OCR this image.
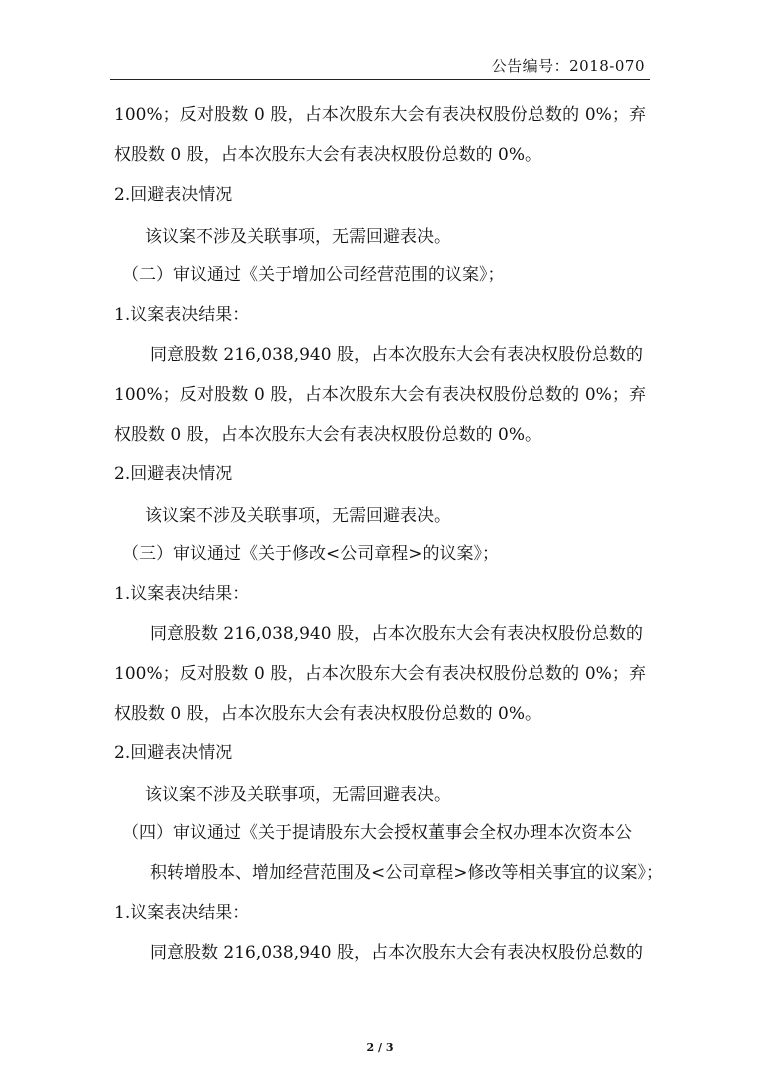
公告编号：2018-070
100%；反对股数 0 股，占本次股东大会有表决权股份总数的 0%；弃
权股数 0 股，占本次股东大会有表决权股份总数的 0%。
2.回避表决情况
该议案不涉及关联事项，无需回避表决。
（二）审议通过《关于增加公司经营范围的议案》；
1.议案表决结果：
同意股数 216,038,940 股，占本次股东大会有表决权股份总数的
100%；反对股数 0 股，占本次股东大会有表决权股份总数的 0%；弃
权股数 0 股，占本次股东大会有表决权股份总数的 0%。
2.回避表决情况
该议案不涉及关联事项，无需回避表决。
（三）审议通过《关于修改<公司章程>的议案》；
1.议案表决结果：
同意股数 216,038,940 股，占本次股东大会有表决权股份总数的
100%；反对股数 0 股，占本次股东大会有表决权股份总数的 0%；弃
权股数 0 股，占本次股东大会有表决权股份总数的 0%。
2.回避表决情况
该议案不涉及关联事项，无需回避表决。
（四）审议通过《关于提请股东大会授权董事会全权办理本次资本公
积转增股本、增加经营范围及<公司章程>修改等相关事宜的议案》；
1.议案表决结果：
同意股数 216,038,940 股，占本次股东大会有表决权股份总数的
2 / 3
